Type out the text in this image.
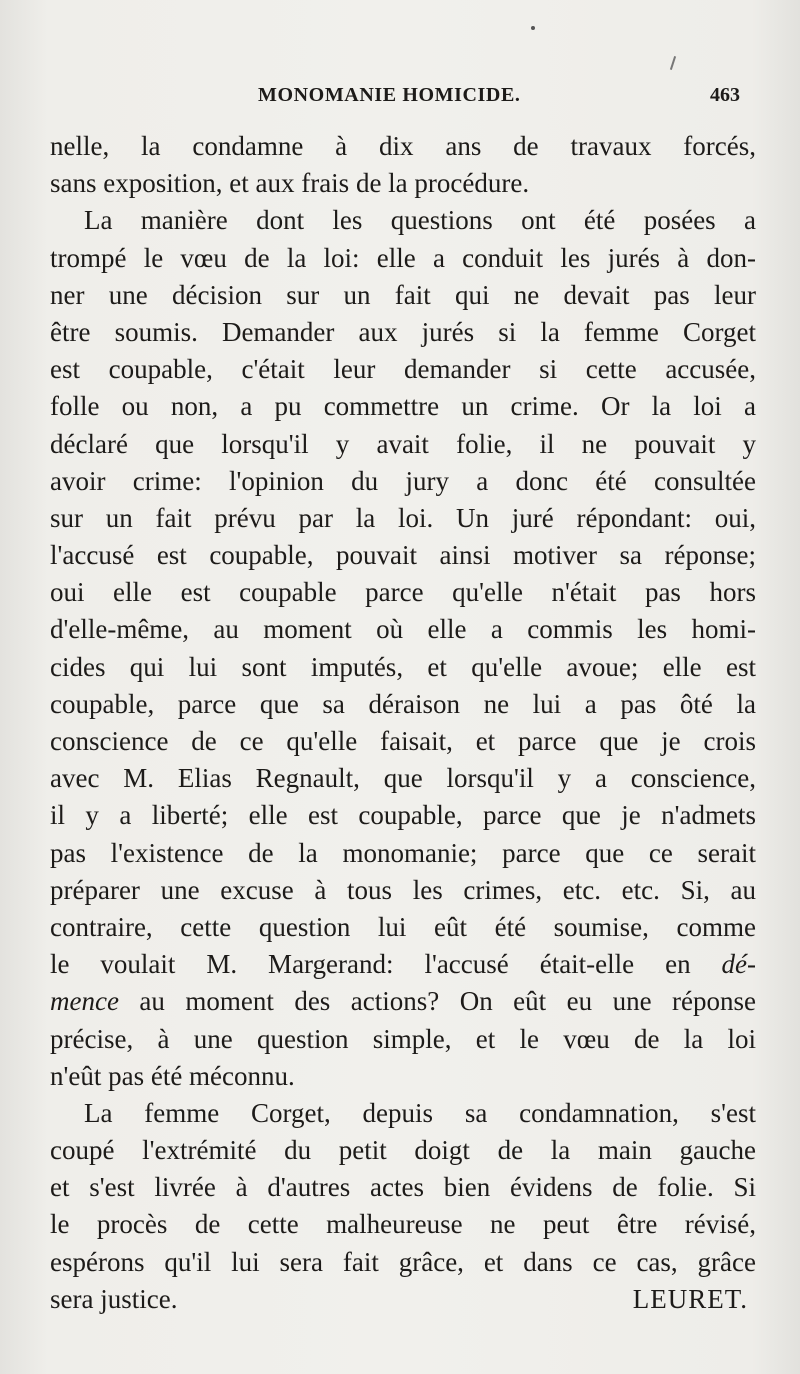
MONOMANIE HOMICIDE.	463
nelle, la condamne à dix ans de travaux forcés,
sans exposition, et aux frais de la procédure.
La manière dont les questions ont été posées a
trompé le vœu de la loi: elle a conduit les jurés à don-
ner une décision sur un fait qui ne devait pas leur
être soumis. Demander aux jurés si la femme Corget
est coupable, c'était leur demander si cette accusée,
folle ou non, a pu commettre un crime. Or la loi a
déclaré que lorsqu'il y avait folie, il ne pouvait y
avoir crime: l'opinion du jury a donc été consultée
sur un fait prévu par la loi. Un juré répondant: oui,
l'accusé est coupable, pouvait ainsi motiver sa réponse;
oui elle est coupable parce qu'elle n'était pas hors
d'elle-même, au moment où elle a commis les homi-
cides qui lui sont imputés, et qu'elle avoue; elle est
coupable, parce que sa déraison ne lui a pas ôté la
conscience de ce qu'elle faisait, et parce que je crois
avec M. Elias Regnault, que lorsqu'il y a conscience,
il y a liberté; elle est coupable, parce que je n'admets
pas l'existence de la monomanie; parce que ce serait
préparer une excuse à tous les crimes, etc. etc. Si, au
contraire, cette question lui eût été soumise, comme
le voulait M. Margerand: l'accusé était-elle en dé-
mence au moment des actions? On eût eu une réponse
précise, à une question simple, et le vœu de la loi
n'eût pas été méconnu.
La femme Corget, depuis sa condamnation, s'est
coupé l'extrémité du petit doigt de la main gauche
et s'est livrée à d'autres actes bien évidens de folie. Si
le procès de cette malheureuse ne peut être révisé,
espérons qu'il lui sera fait grâce, et dans ce cas, grâce
sera justice.	LEURET.
